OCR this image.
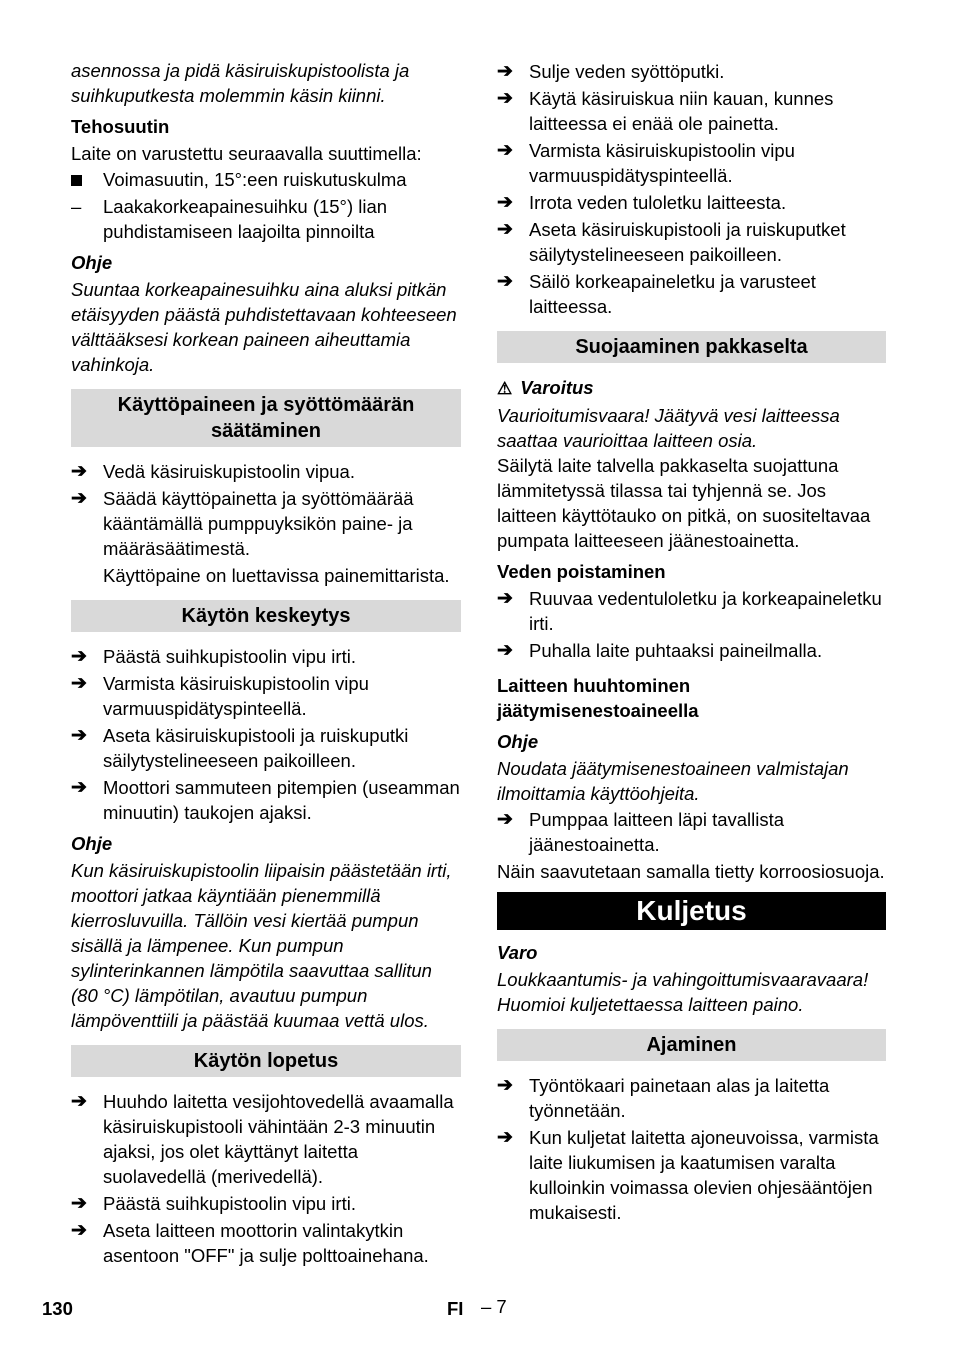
asennossa ja pidä käsiruiskupistoolista ja suihkuputkesta molemmin käsin kiinni.

Tehosuutin

Laite on varustettu seuraavalla suuttimella:

Voimasuutin, 15°:een ruiskutuskulma
–	Laakakorkeapainesuihku (15°) lian puhdistamiseen laajoilta pinnoilta
Ohje

Suuntaa korkeapainesuihku aina aluksi pitkän etäisyyden päästä puhdistettavaan kohteeseen välttääksesi korkean paineen aiheuttamia vahinkoja.

Käyttöpaineen ja syöttömäärän säätäminen
➔ Vedä käsiruiskupistoolin vipua.
➔ Säädä käyttöpainetta ja syöttömäärää kääntämällä pumppuyksikön paine- ja määräsäätimestä.

Käyttöpaine on luettavissa painemittarista.

Käytön keskeytys
➔ Päästä suihkupistoolin vipu irti.
➔ Varmista käsiruiskupistoolin vipu varmuuspidätyspinteellä.
➔ Aseta käsiruiskupistooli ja ruiskuputki säilytystelineeseen paikoilleen.
➔ Moottori sammuteen pitempien (useamman minuutin) taukojen ajaksi.
Ohje

Kun käsiruiskupistoolin liipaisin päästetään irti, moottori jatkaa käyntiään pienemmillä kierrosluvuilla. Tällöin vesi kiertää pumpun sisällä ja lämpenee. Kun pumpun sylinterinkannen lämpötila saavuttaa sallitun (80 °C) lämpötilan, avautuu pumpun lämpöventtiili ja päästää kuumaa vettä ulos.

Käytön lopetus
➔ Huuhdo laitetta vesijohtovedellä avaamalla käsiruiskupistooli vähintään 2-3 minuutin ajaksi, jos olet käyttänyt laitetta suolavedellä (merivedellä).
➔ Päästä suihkupistoolin vipu irti.
➔ Aseta laitteen moottorin valintakytkin asentoon "OFF" ja sulje polttoainehana.
➔ Sulje veden syöttöputki.
➔ Käytä käsiruiskua niin kauan, kunnes laitteessa ei enää ole painetta.
➔ Varmista käsiruiskupistoolin vipu varmuuspidätyspinteellä.
➔ Irrota veden tuloletku laitteesta.
➔ Aseta käsiruiskupistooli ja ruiskuputket säilytystelineeseen paikoilleen.
➔ Säilö korkeapaineletku ja varusteet laitteessa.
Suojaaminen pakkaselta
⚠ Varoitus

Vaurioitumisvaara! Jäätyvä vesi laitteessa saattaa vaurioittaa laitteen osia.

Säilytä laite talvella pakkaselta suojattuna lämmitetyssä tilassa tai tyhjennä se. Jos laitteen käyttötauko on pitkä, on suositeltavaa pumpata laitteeseen jäänestoainetta.

Veden poistaminen
➔ Ruuvaa vedentuloletku ja korkeapaineletku irti.
➔ Puhalla laite puhtaaksi paineilmalla.
Laitteen huuhtominen jäätymisenestoaineella
Ohje

Noudata jäätymisenestoaineen valmistajan ilmoittamia käyttöohjeita.

➔ Pumppaa laitteen läpi tavallista jäänestoainetta.

Näin saavutetaan samalla tietty korroosiosuoja.

Kuljetus
Varo

Loukkaantumis- ja vahingoittumisvaaravaara! Huomioi kuljetettaessa laitteen paino.

Ajaminen
➔ Työntökaari painetaan alas ja laitetta työnnetään.
➔ Kun kuljetat laitetta ajoneuvoissa, varmista laite liukumisen ja kaatumisen varalta kulloinkin voimassa olevien ohjesääntöjen mukaisesti.
130	FI – 7
